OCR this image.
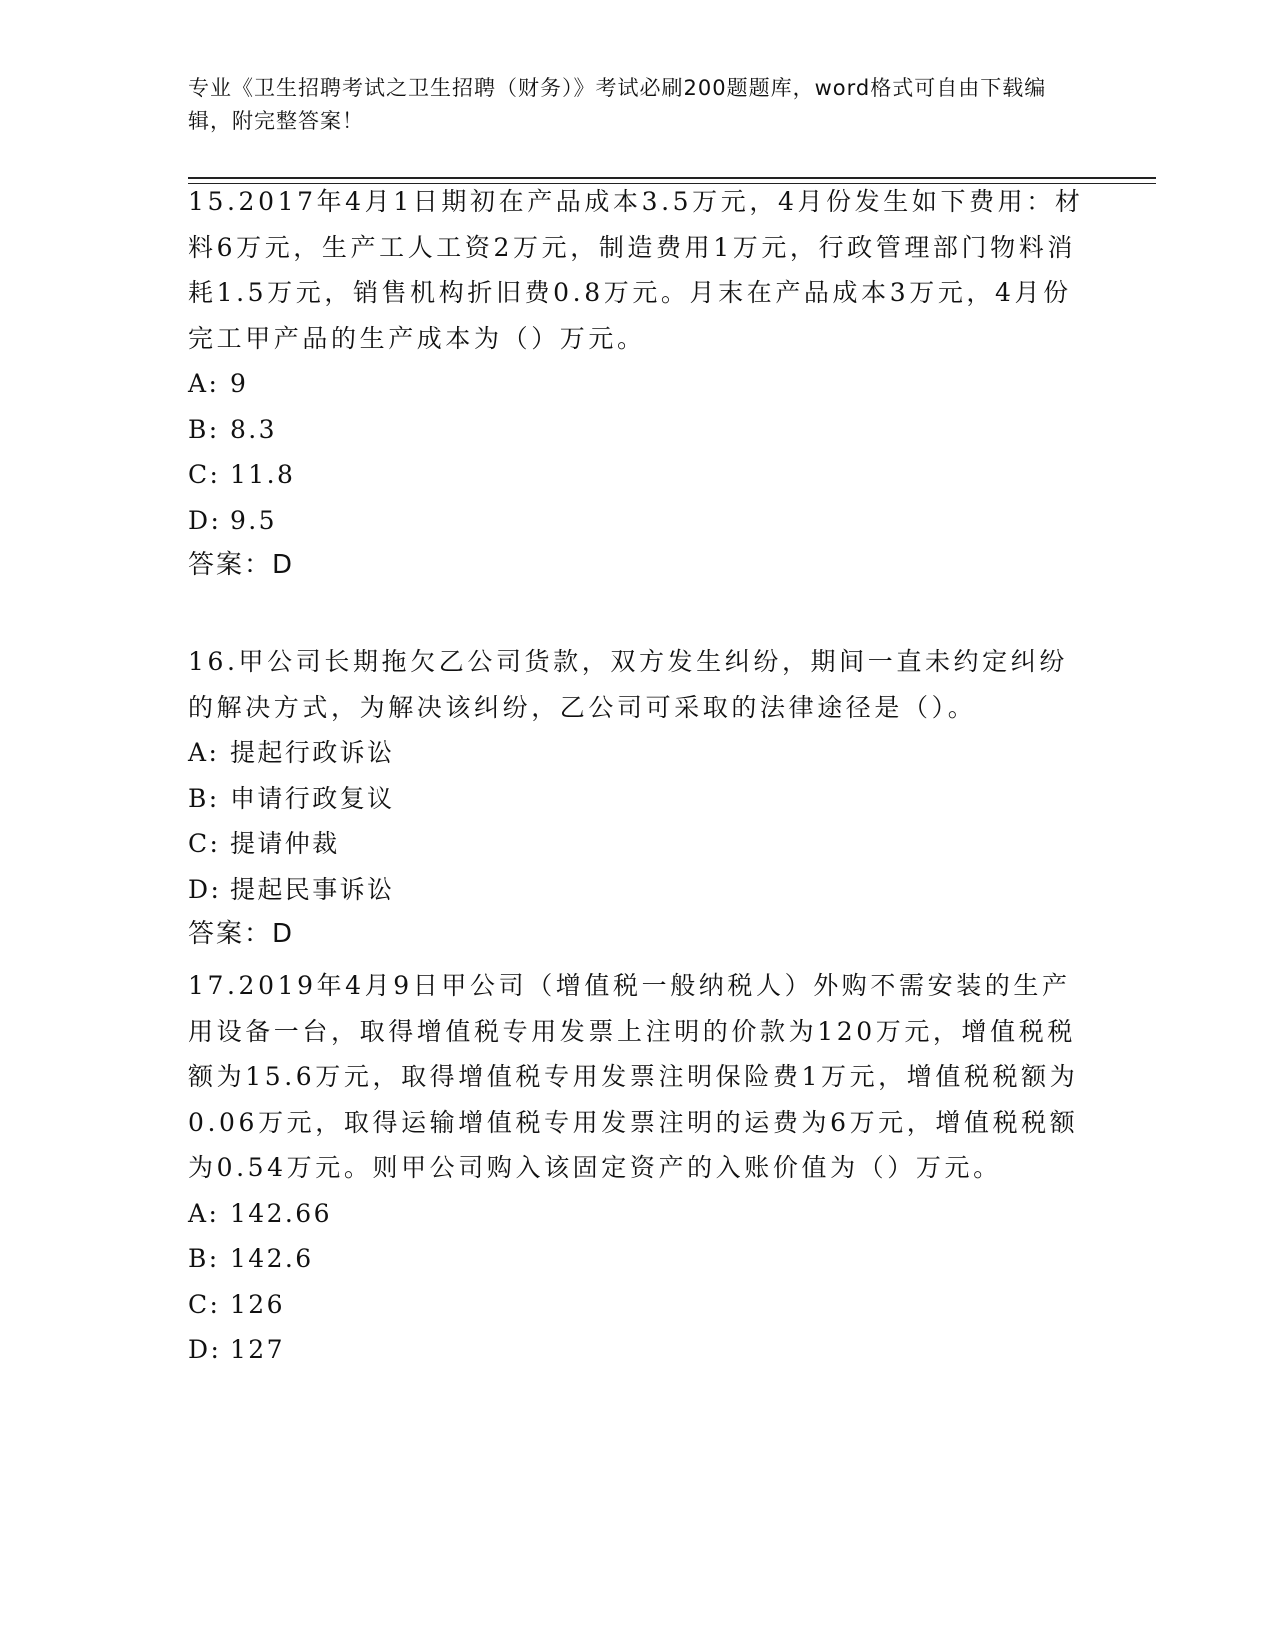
专业《卫生招聘考试之卫生招聘（财务）》考试必刷200题题库，word格式可自由下载编辑，附完整答案！

15.2017年4月1日期初在产品成本3.5万元，4月份发生如下费用：材料6万元，生产工人工资2万元，制造费用1万元，行政管理部门物料消耗1.5万元，销售机构折旧费0.8万元。月末在产品成本3万元，4月份完工甲产品的生产成本为（）万元。

A: 9
B: 8.3
C: 11.8
D: 9.5
答案：D

16.甲公司长期拖欠乙公司货款，双方发生纠纷，期间一直未约定纠纷的解决方式，为解决该纠纷，乙公司可采取的法律途径是（）。

A: 提起行政诉讼
B: 申请行政复议
C: 提请仲裁
D: 提起民事诉讼
答案：D

17.2019年4月9日甲公司（增值税一般纳税人）外购不需安装的生产用设备一台，取得增值税专用发票上注明的价款为120万元，增值税税额为15.6万元，取得增值税专用发票注明保险费1万元，增值税税额为0.06万元，取得运输增值税专用发票注明的运费为6万元，增值税税额为0.54万元。则甲公司购入该固定资产的入账价值为（）万元。

A: 142.66
B: 142.6
C: 126
D: 127
